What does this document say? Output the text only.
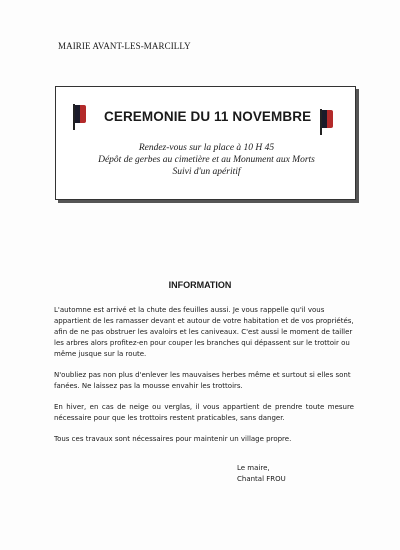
MAIRIE AVANT-LES-MARCILLY
CEREMONIE DU 11 NOVEMBRE
Rendez-vous sur la place à 10 H 45
Dépôt de gerbes au cimetière et au Monument aux Morts
Suivi d'un apéritif
INFORMATION
L'automne est arrivé et la chute des feuilles aussi. Je vous rappelle qu'il vous appartient de les ramasser devant et autour de votre habitation et de vos propriétés, afin de ne pas obstruer les avaloirs et les caniveaux. C'est aussi le moment de tailler les arbres alors profitez-en pour couper les branches qui dépassent sur le trottoir ou même jusque sur la route.
N'oubliez pas non plus d'enlever les mauvaises herbes même et surtout si elles sont fanées. Ne laissez pas la mousse envahir les trottoirs.
En hiver, en cas de neige ou verglas, il vous appartient de prendre toute mesure nécessaire pour que les trottoirs restent praticables, sans danger.
Tous ces travaux sont nécessaires pour maintenir un village propre.
Le maire,
Chantal FROU
